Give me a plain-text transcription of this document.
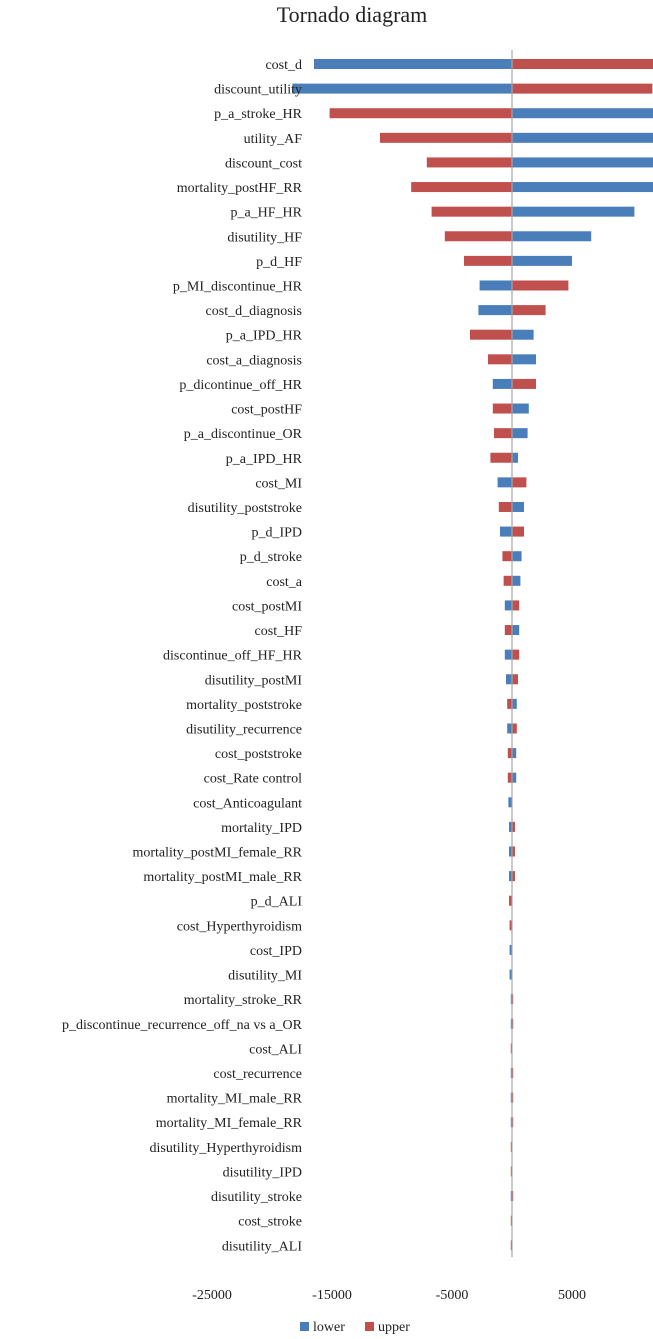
Tornado diagram
cost_d
discount_utility
p_a_stroke_HR
utility_AF
discount_cost
mortality_postHF_RR
p_a_HF_HR
disutility_HF
p_d_HF
p_MI_discontinue_HR
cost_d_diagnosis
p_a_IPD_HR
cost_a_diagnosis
p_dicontinue_off_HR
cost_postHF
p_a_discontinue_OR
p_a_IPD_HR
cost_MI
disutility_poststroke
p_d_IPD
p_d_stroke
cost_a
cost_postMI
cost_HF
discontinue_off_HF_HR
disutility_postMI
mortality_poststroke
disutility_recurrence
cost_poststroke
cost_Rate control
cost_Anticoagulant
mortality_IPD
mortality_postMI_female_RR
mortality_postMI_male_RR
p_d_ALI
cost_Hyperthyroidism
cost_IPD
disutility_MI
mortality_stroke_RR
p_discontinue_recurrence_off_na vs a_OR
cost_ALI
cost_recurrence
mortality_MI_male_RR
mortality_MI_female_RR
disutility_Hyperthyroidism
disutility_IPD
disutility_stroke
cost_stroke
disutility_ALI
-25000	-15000	-5000	5000
lower upper
